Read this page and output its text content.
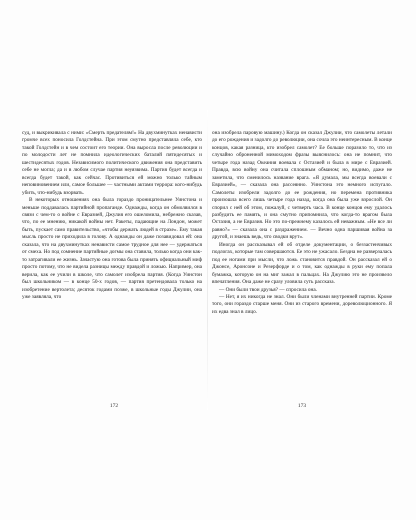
суд, и выкрикивала с ними: «Смерть предателям!» На двухминутках ненависти громче всех поносила Голдстейна. При этом смутно представляла себе, кто такой Голдстейн и в чем состоит его теории. Она выросла после революции и по молодости лет не помнила идеологических баталий пятидесятых и шестидесятых годов. Независимого политического движения она представить себе не могла; да и в любом случае партия неуязвима. Партия будет всегда и всегда будет такой, как сейчас. Противиться ей можно только тайным неповиновением или, самое большее — частными актами террора: кого-нибудь убить, что-нибудь взорвать.

В некоторых отношениях она была гораздо проницательнее Уинстона и меньше поддавалась партийной пропаганде. Однажды, когда он обмолвился в связи с чем-то о войне с Евразией, Джулия его ошеломила, небрежно сказав, что, по ее мнению, никакой войны нет. Ракеты, падающие на Лондон, может быть, пускает само правительство, «чтобы держать людей в страхе». Ему такая мысль просто не приходила в голову. А однажды он даже позавидовал ей: она сказала, что на двухминутках ненависти самое трудное для нее — удержаться от смеха. Но под сомнение партийные догмы она ставила, только когда они как-то затрагивали ее жизнь. Зачастую она готова была принять официальный миф просто потому, что не видела разницы между правдой и ложью. Например, она верила, как ее учили в школе, что самолет изобрела партия. (Когда Уинстон был школьником — в конце 50-х годов, — партия претендовала только на изобретение вертолета; десяток годами позже, в школьные годы Джулии, она уже заявляла, что

она изобрела паровую машину.) Когда он сказал Джулии, что самолеты летали до его рождения и задолго до революции, она сочла это неинтересным. В конце концов, какая разница, кто изобрел самолет? Ее больше поразило то, что из случайно оброненной мимоходом фразы выяснилось: она не помнит, что четыре года назад Океания воевала с Остазией и была в мире с Евразией. Правда, всю войну она считала сплошным обманом; но, видимо, даже не заметила, что сменилось название врага. «Я думала, мы всегда воевали с Евразией», — сказала она рассеянно. Уинстона это немного испугало. Самолеты изобрели задолго до ее рождения, но перемена противника произошла всего лишь четыре года назад, когда она была уже взрослой. Он спорил с ней об этом, пожалуй, с четверть часа. В конце концов ему удалось разбудить ее память, и она смутно припомнила, что когда-то врагом была Остазия, а не Евразия. Но это по-прежнему казалось ей неважным. «Не все ли равно?» — сказала она с раздражением. — Вечно одна паршивая война за другой, и знаешь ведь, что сводки врут».

Иногда он рассказывал ей об отделе документации, о беззастенчивых подлогах, которые там совершаются. Ее это не ужасало. Бездна не разверзалась под ее ногами при мысли, что ложь становится правдой. Он рассказал ей о Джонсе, Аронсоне и Резерфорде и о том, как однажды в руки ему попала бумажка, которую он на миг зажал в пальцах. На Джулию это не произвело впечатления. Она даже не сразу уловила суть рассказа.

— Они были твои друзья? — спросила она.

— Нет, я их никогда не знал. Они были членами внутренней партии. Кроме того, они гораздо старше меня. Они из старого времени, дореволюционного. Я их едва знал в лицо.

172	173
